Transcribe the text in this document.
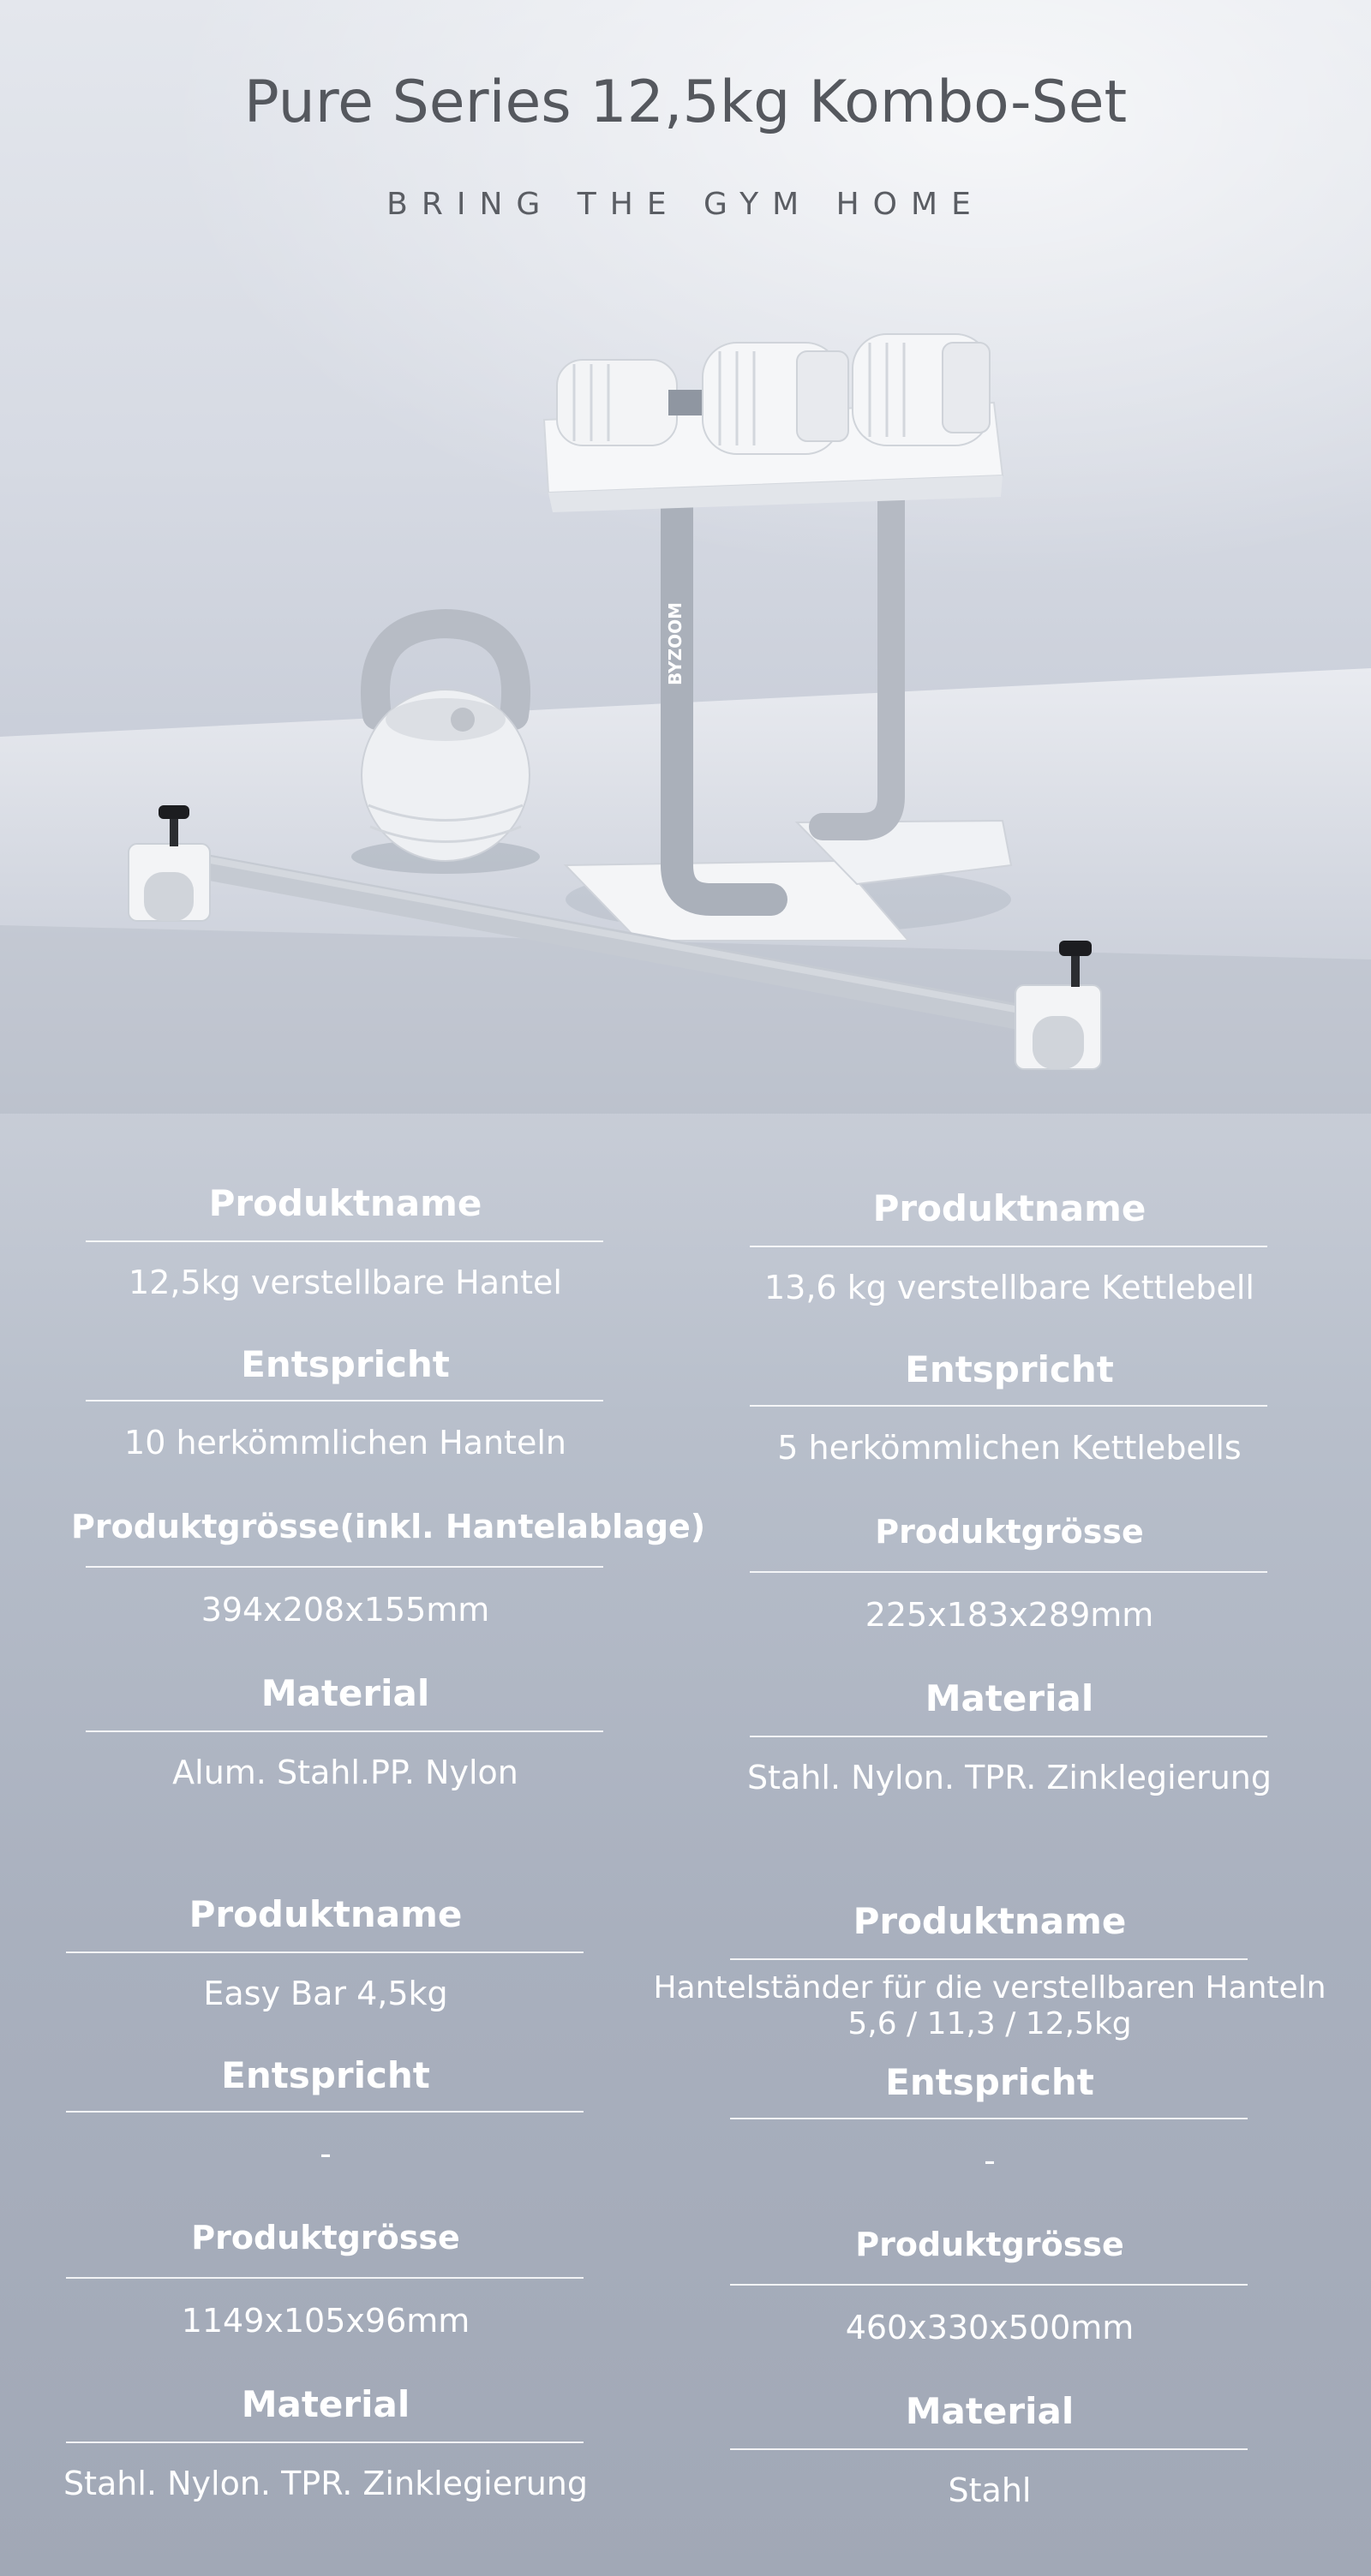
Pure Series 12,5kg Kombo-Set
BRING THE GYM HOME
BYZOOM
Produktname
12,5kg verstellbare Hantel
Entspricht
10 herkömmlichen Hanteln
Produktgrösse(inkl. Hantelablage)
394x208x155mm
Material
Alum. Stahl.PP. Nylon
Produktname
13,6 kg verstellbare Kettlebell
Entspricht
5 herkömmlichen Kettlebells
Produktgrösse
225x183x289mm
Material
Stahl. Nylon. TPR. Zinklegierung
Produktname
Easy Bar 4,5kg
Entspricht
-
Produktgrösse
1149x105x96mm
Material
Stahl. Nylon. TPR. Zinklegierung
Produktname
Hantelständer für die verstellbaren Hanteln 5,6 / 11,3 / 12,5kg
Entspricht
-
Produktgrösse
460x330x500mm
Material
Stahl
